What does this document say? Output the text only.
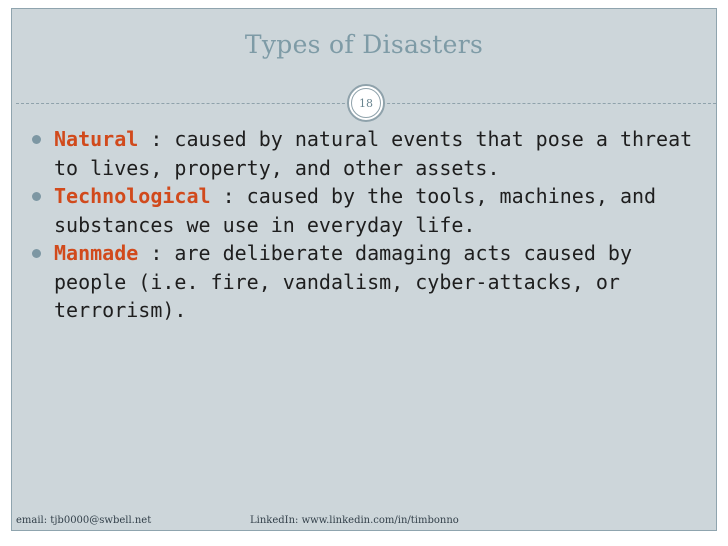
Types of Disasters
18
Natural : caused by natural events that pose a threat to lives, property, and other assets.
Technological : caused by the tools, machines, and substances we use in everyday life.
Manmade : are deliberate damaging acts caused by people (i.e. fire, vandalism, cyber-attacks, or terrorism).
email: tjb0000@swbell.net	LinkedIn: www.linkedin.com/in/timbonno
